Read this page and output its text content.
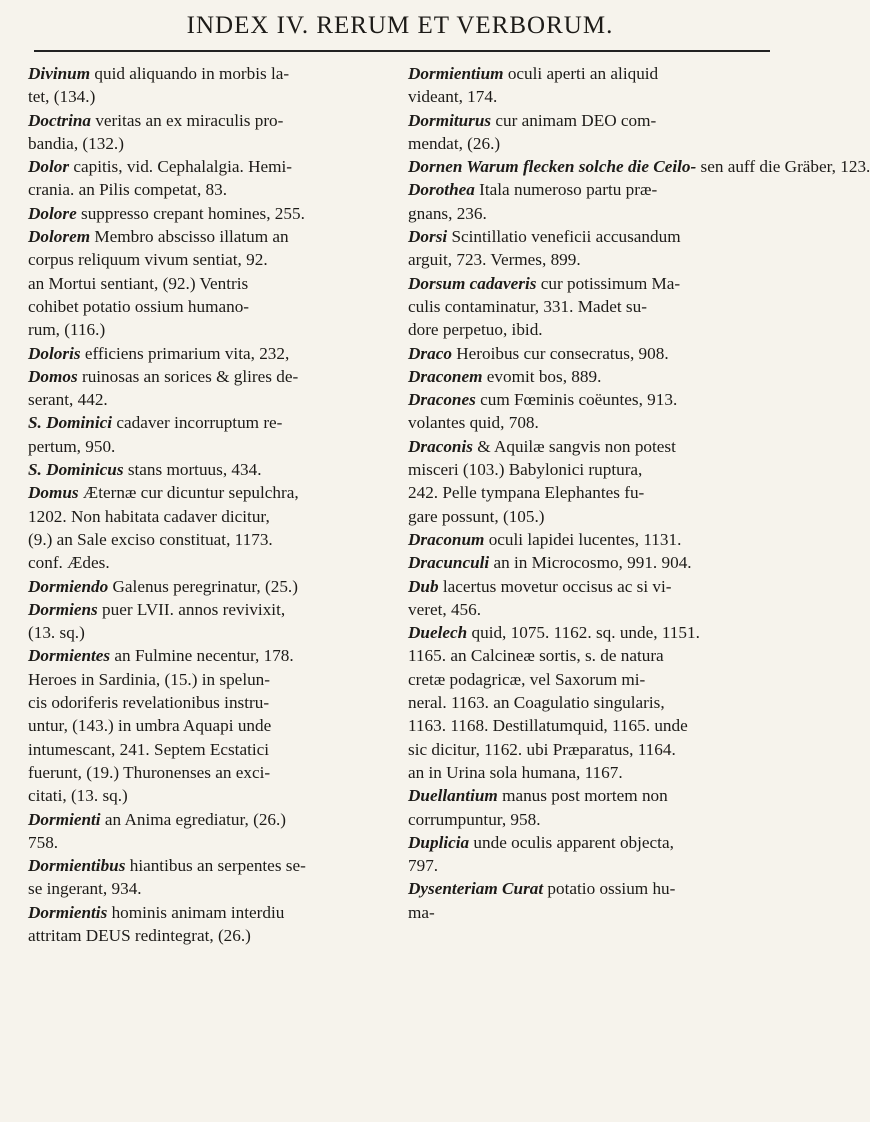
INDEX IV. RERUM ET VERBORUM.
Divinum quid aliquando in morbis la-
tet, (134.)
Doctrina veritas an ex miraculis pro-
bandia, (132.)
Dolor capitis, vid. Cephalalgia. Hemi-
crania. an Pilis competat, 83.
Dolore suppresso crepant homines, 255.
Dolorem Membro abscisso illatum an
corpus reliquum vivum sentiat, 92.
an Mortui sentiant, (92.) Ventris
cohibet potatio ossium humano-
rum, (116.)
Doloris efficiens primarium vita, 232,
Domos ruinosas an sorices & glires de-
serant, 442.
S. Dominici cadaver incorruptum re-
pertum, 950.
S. Dominicus stans mortuus, 434.
Domus Æternæ cur dicuntur sepulchra,
1202. Non habitata cadaver dicitur,
(9.) an Sale excisо constituat, 1173.
conf. Ædes.
Dormiendo Galenus peregrinatur, (25.)
Dormiens puer LVII. annos revivixit,
(13. sq.)
Dormientes an Fulmine necentur, 178.
Heroes in Sardinia, (15.) in spelun-
cis odoriferis revelationibus instru-
untur, (143.) in umbra Aquapi unde
intumescant, 241. Septem Ecstatici
fuerunt, (19.) Thuronenses an exci-
citati, (13. sq.)
Dormienti an Anima egrediatur, (26.)
758.
Dormientibus hiantibus an serpentes se-
se ingerant, 934.
Dormientis hominis animam interdiu
attritam DEUS redintegrat, (26.)
Dormientium oculi aperti an aliquid
videant, 174.
Dormiturus cur animam DEO com-
mendat, (26.)
Dornen Warum flecken solche die Ceilo- sen auff die Gräber, 123.
Dorothea Itala numeroso partu præ-
gnans, 236.
Dorsi Scintillatio veneficii accusandum
arguit, 723. Vermes, 899.
Dorsum cadaveris cur potissimum Ma-
culis contaminatur, 331. Madet su-
dore perpetuo, ibid.
Draco Heroibus cur consecratus, 908.
Draconem evomit bos, 889.
Dracones cum Fœminis coëuntes, 913.
volantes quid, 708.
Draconis & Aquilæ sangvis non potest
misceri (103.) Babylonici ruptura,
242. Pelle tympana Elephantes fu-
gare possunt, (105.)
Draconum oculi lapidei lucentes, 1131.
Dracunculi an in Microcosmo, 991. 904.
Dub lacertus movetur occisus ac si vi-
veret, 456.
Duelech quid, 1075. 1162. sq. unde, 1151.
1165. an Calcineæ sortis, s. de natura
cretæ podagricæ, vel Saxorum mi-
neral. 1163. an Coagulatio singularis,
1163. 1168. Destillatumquid, 1165. unde
sic dicitur, 1162. ubi Præparatus, 1164.
an in Urina sola humana, 1167.
Duellantium manus post mortem non
corrumpuntur, 958.
Duplicia unde oculis apparent objecta,
797.
Dysenteriam Curat potatio ossium hu-
ma-
